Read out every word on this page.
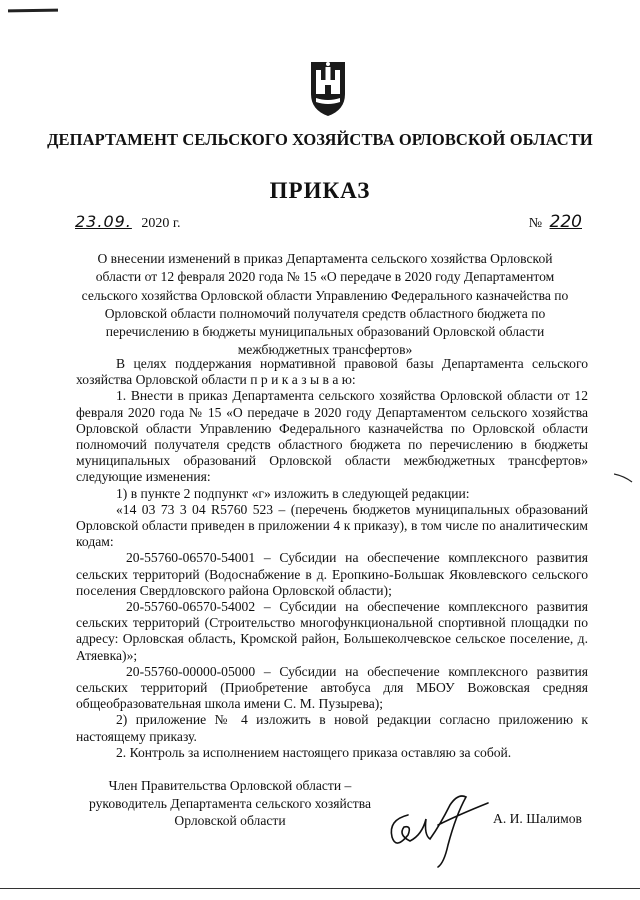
ДЕПАРТАМЕНТ СЕЛЬСКОГО ХОЗЯЙСТВА ОРЛОВСКОЙ ОБЛАСТИ
ПРИКАЗ
23.09. 2020 г.	№ 220
О внесении изменений в приказ Департамента сельского хозяйства Орловской
области от 12 февраля 2020 года № 15 «О передаче в 2020 году Департаментом
сельского хозяйства Орловской области Управлению Федерального казначейства по
Орловской области полномочий получателя средств областного бюджета по
перечислению в бюджеты муниципальных образований Орловской области
межбюджетных трансфертов»

В целях поддержания нормативной правовой базы Департамента сельского хозяйства Орловской области п р и к а з ы в а ю:

1. Внести в приказ Департамента сельского хозяйства Орловской области от 12 февраля 2020 года № 15 «О передаче в 2020 году Департаментом сельского хозяйства Орловской области Управлению Федерального казначейства по Орловской области полномочий получателя средств областного бюджета по перечислению в бюджеты муниципальных образований Орловской области межбюджетных трансфертов» следующие изменения:

1) в пункте 2 подпункт «г» изложить в следующей редакции:

«14 03 73 3 04 R5760 523 – (перечень бюджетов муниципальных образований Орловской области приведен в приложении 4 к приказу), в том числе по аналитическим кодам:

20-55760-06570-54001 – Субсидии на обеспечение комплексного развития сельских территорий (Водоснабжение в д. Еропкино-Большак Яковлевского сельского поселения Свердловского района Орловской области);

20-55760-06570-54002 – Субсидии на обеспечение комплексного развития сельских территорий (Строительство многофункциональной спортивной площадки по адресу: Орловская область, Кромской район, Большеколчевское сельское поселение, д. Атяевка)»;

20-55760-00000-05000 – Субсидии на обеспечение комплексного развития сельских территорий (Приобретение автобуса для МБОУ Вожовская средняя общеобразовательная школа имени С. М. Пузырева);

2) приложение № 4 изложить в новой редакции согласно приложению к настоящему приказу.

2. Контроль за исполнением настоящего приказа оставляю за собой.

Член Правительства Орловской области –
руководитель Департамента сельского хозяйства
Орловской области	А. И. Шалимов
